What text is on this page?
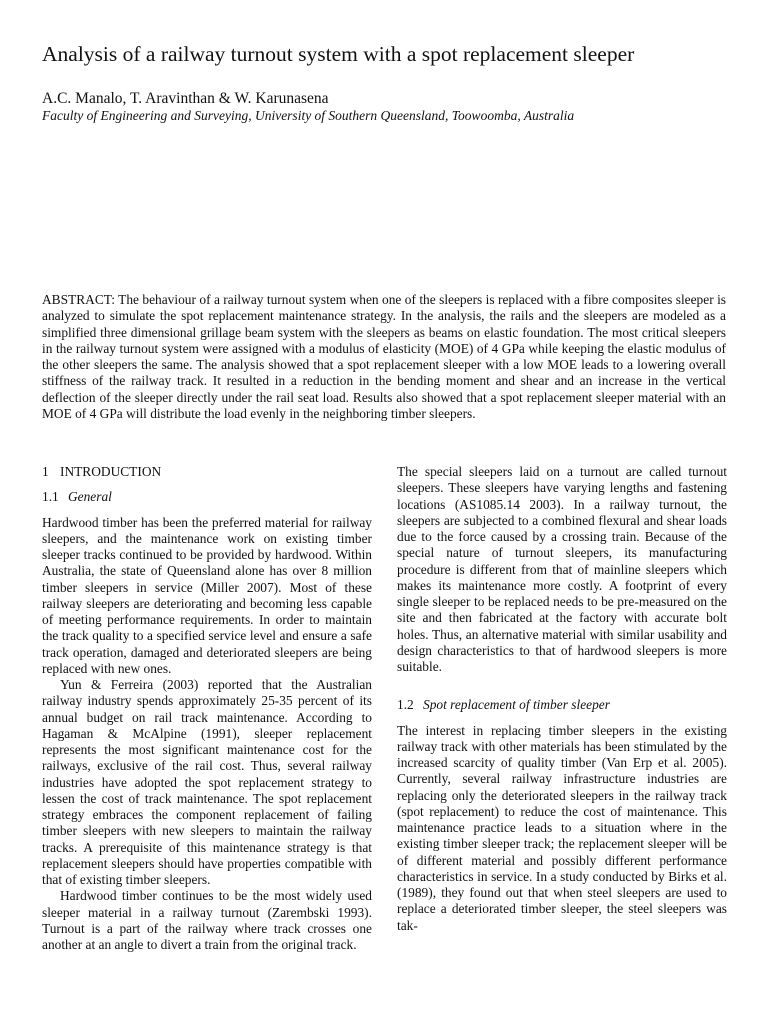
Analysis of a railway turnout system with a spot replacement sleeper
A.C. Manalo, T. Aravinthan & W. Karunasena
Faculty of Engineering and Surveying, University of Southern Queensland, Toowoomba, Australia

ABSTRACT: The behaviour of a railway turnout system when one of the sleepers is replaced with a fibre composites sleeper is analyzed to simulate the spot replacement maintenance strategy. In the analysis, the rails and the sleepers are modeled as a simplified three dimensional grillage beam system with the sleepers as beams on elastic foundation. The most critical sleepers in the railway turnout system were assigned with a modulus of elasticity (MOE) of 4 GPa while keeping the elastic modulus of the other sleepers the same. The analysis showed that a spot replacement sleeper with a low MOE leads to a lowering overall stiffness of the railway track. It resulted in a reduction in the bending moment and shear and an increase in the vertical deflection of the sleeper directly under the rail seat load. Results also showed that a spot replacement sleeper material with an MOE of 4 GPa will distribute the load evenly in the neighboring timber sleepers.

1 INTRODUCTION
1.1 General

Hardwood timber has been the preferred material for railway sleepers, and the maintenance work on existing timber sleeper tracks continued to be provided by hardwood. Within Australia, the state of Queensland alone has over 8 million timber sleepers in service (Miller 2007). Most of these railway sleepers are deteriorating and becoming less capable of meeting performance requirements. In order to maintain the track quality to a specified service level and ensure a safe track operation, damaged and deteriorated sleepers are being replaced with new ones.

Yun & Ferreira (2003) reported that the Australian railway industry spends approximately 25-35 percent of its annual budget on rail track maintenance. According to Hagaman & McAlpine (1991), sleeper replacement represents the most significant maintenance cost for the railways, exclusive of the rail cost. Thus, several railway industries have adopted the spot replacement strategy to lessen the cost of track maintenance. The spot replacement strategy embraces the component replacement of failing timber sleepers with new sleepers to maintain the railway tracks. A prerequisite of this maintenance strategy is that replacement sleepers should have properties compatible with that of existing timber sleepers.

Hardwood timber continues to be the most widely used sleeper material in a railway turnout (Zarembski 1993). Turnout is a part of the railway where track crosses one another at an angle to divert a train from the original track.

The special sleepers laid on a turnout are called turnout sleepers. These sleepers have varying lengths and fastening locations (AS1085.14 2003). In a railway turnout, the sleepers are subjected to a combined flexural and shear loads due to the force caused by a crossing train. Because of the special nature of turnout sleepers, its manufacturing procedure is different from that of mainline sleepers which makes its maintenance more costly. A footprint of every single sleeper to be replaced needs to be pre-measured on the site and then fabricated at the factory with accurate bolt holes. Thus, an alternative material with similar usability and design characteristics to that of hardwood sleepers is more suitable.

1.2 Spot replacement of timber sleeper

The interest in replacing timber sleepers in the existing railway track with other materials has been stimulated by the increased scarcity of quality timber (Van Erp et al. 2005). Currently, several railway infrastructure industries are replacing only the deteriorated sleepers in the railway track (spot replacement) to reduce the cost of maintenance. This maintenance practice leads to a situation where in the existing timber sleeper track; the replacement sleeper will be of different material and possibly different performance characteristics in service. In a study conducted by Birks et al. (1989), they found out that when steel sleepers are used to replace a deteriorated timber sleeper, the steel sleepers was tak-
